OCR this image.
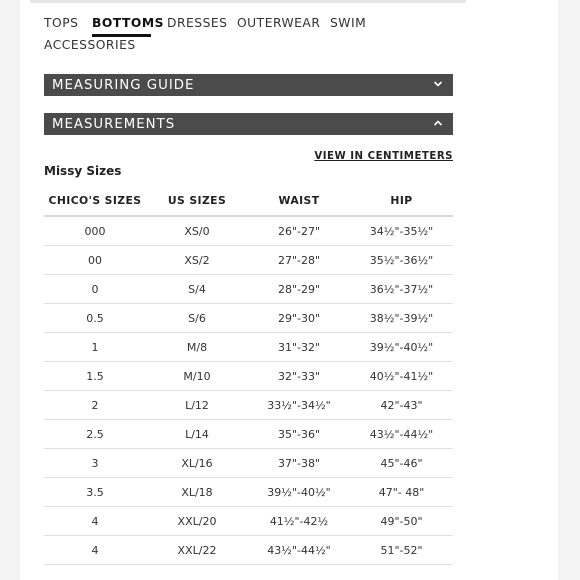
TOPS BOTTOMS DRESSES OUTERWEAR SWIM
ACCESSORIES
MEASURING GUIDE
MEASUREMENTS
Missy Sizes
VIEW IN CENTIMETERS
CHICO'S SIZES	US SIZES	WAIST	HIP
000	XS/0	26"-27"	34½"-35½"
00	XS/2	27"-28"	35½"-36½"
0	S/4	28"-29"	36½"-37½"
0.5	S/6	29"-30"	38½"-39½"
1	M/8	31"-32"	39½"-40½"
1.5	M/10	32"-33"	40½"-41½"
2	L/12	33½"-34½"	42"-43"
2.5	L/14	35"-36"	43½"-44½"
3	XL/16	37"-38"	45"-46"
3.5	XL/18	39½"-40½"	47"- 48"
4	XXL/20	41½"-42½	49"-50"
4	XXL/22	43½"-44½"	51"-52"
